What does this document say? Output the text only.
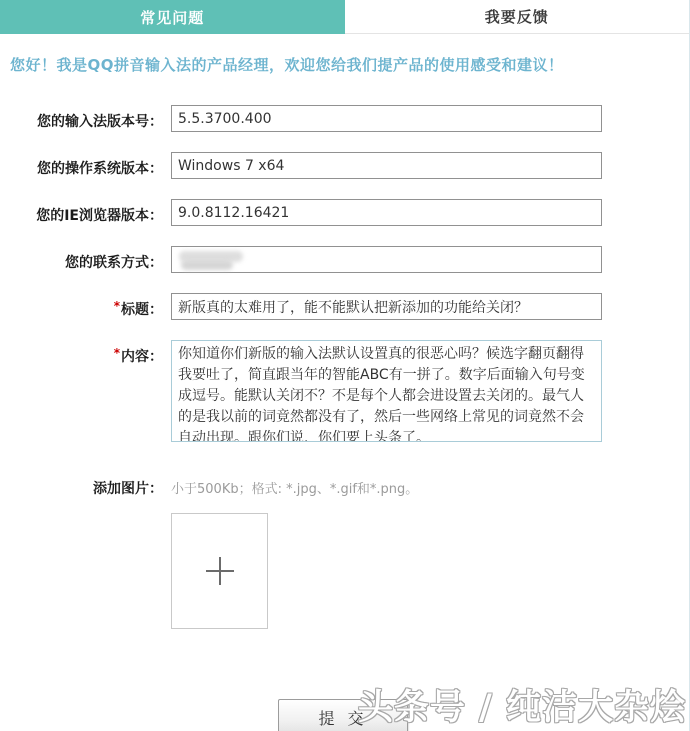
常见问题	我要反馈
您好！我是QQ拼音输入法的产品经理，欢迎您给我们提产品的使用感受和建议！
您的输入法版本号：
5.5.3700.400
您的操作系统版本：
Windows 7 x64
您的IE浏览器版本：
9.0.8112.16421
您的联系方式：
*标题：
新版真的太难用了，能不能默认把新添加的功能给关闭？
*内容：
你知道你们新版的输入法默认设置真的很恶心吗？候选字翻页翻得我要吐了，简直跟当年的智能ABC有一拼了。数字后面输入句号变成逗号。能默认关闭不？不是每个人都会进设置去关闭的。最气人的是我以前的词竟然都没有了，然后一些网络上常见的词竟然不会自动出现。跟你们说，你们要上头条了。
添加图片： 小于500Kb；格式: *.jpg、*.gif和*.png。
提 交
头条号 / 纯洁大杂烩
